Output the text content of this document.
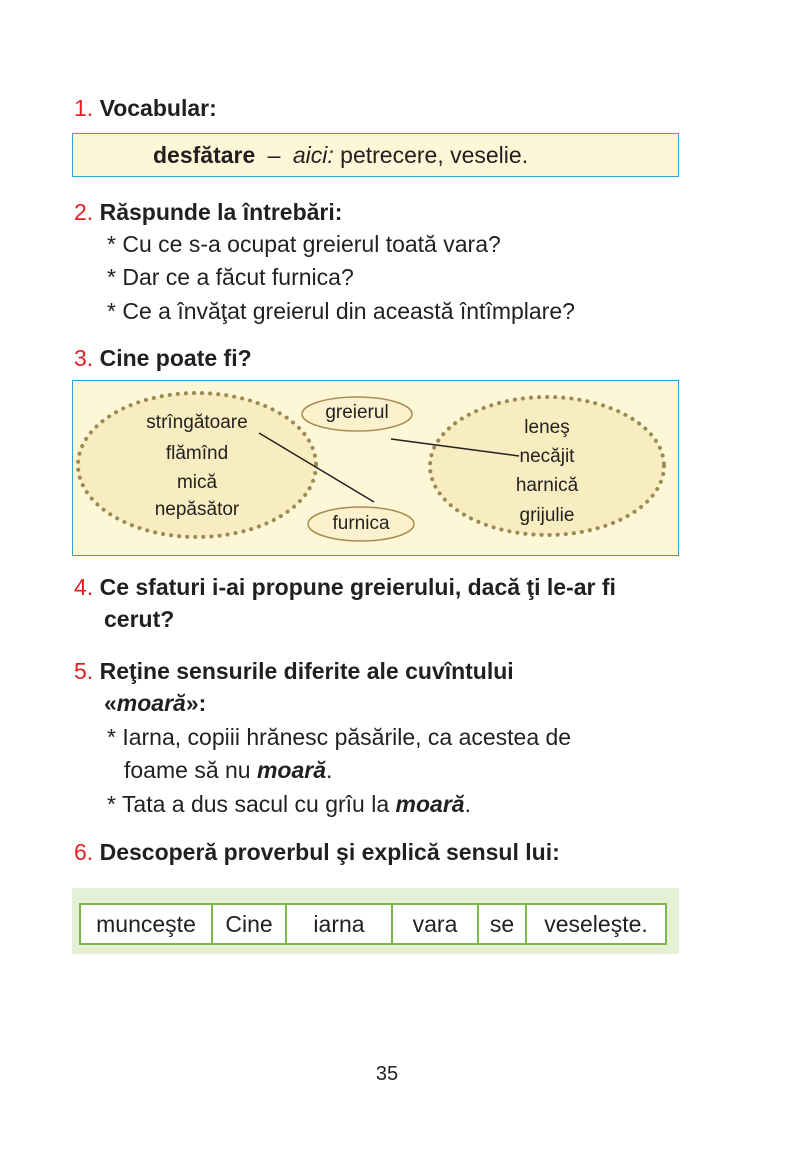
1. Vocabular:
desfătare – aici: petrecere, veselie.
2. Răspunde la întrebări:
* Cu ce s-a ocupat greierul toată vara?
* Dar ce a făcut furnica?
* Ce a învăţat greierul din această întîmplare?
3. Cine poate fi?
strîngătoare
flămînd
mică
nepăsător
greierul
furnica
leneş
necăjit
harnică
grijulie
4. Ce sfaturi i-ai propune greierului, dacă ţi le-ar fi
cerut?
5. Reţine sensurile diferite ale cuvîntului
«moară»:
* Iarna, copiii hrănesc păsările, ca acestea de
foame să nu moară.
* Tata a dus sacul cu grîu la moară.
6. Descoperă proverbul şi explică sensul lui:
munceşte	Cine	iarna	vara	se	veseleşte.
35
